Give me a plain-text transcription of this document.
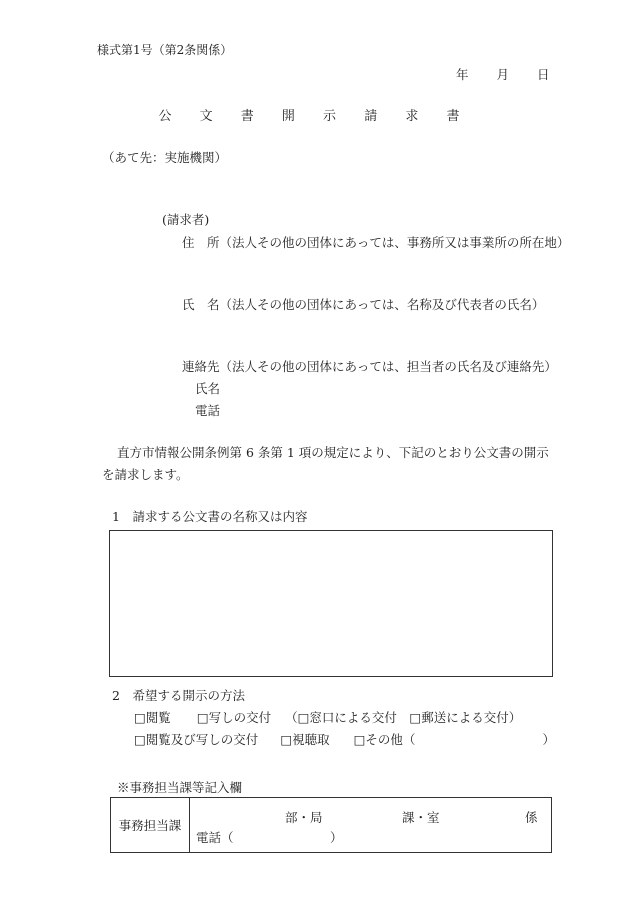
様式第1号（第2条関係）
年 月 日
公 文 書 開 示 請 求 書
（あて先：実施機関）
(請求者)
住　所（法人その他の団体にあっては、事務所又は事業所の所在地）
氏　名（法人その他の団体にあっては、名称及び代表者の氏名）
連絡先（法人その他の団体にあっては、担当者の氏名及び連絡先）
氏名
電話
直方市情報公開条例第 6 条第 1 項の規定により、下記のとおり公文書の開示を請求します。
1　請求する公文書の名称又は内容
2　希望する開示の方法
□閲覧 □写しの交付 （□窓口による交付　□郵送による交付）
□閲覧及び写しの交付 □視聴取 □その他（	）
※事務担当課等記入欄
事務担当課	
部・局	課・室	係
電話（	）
